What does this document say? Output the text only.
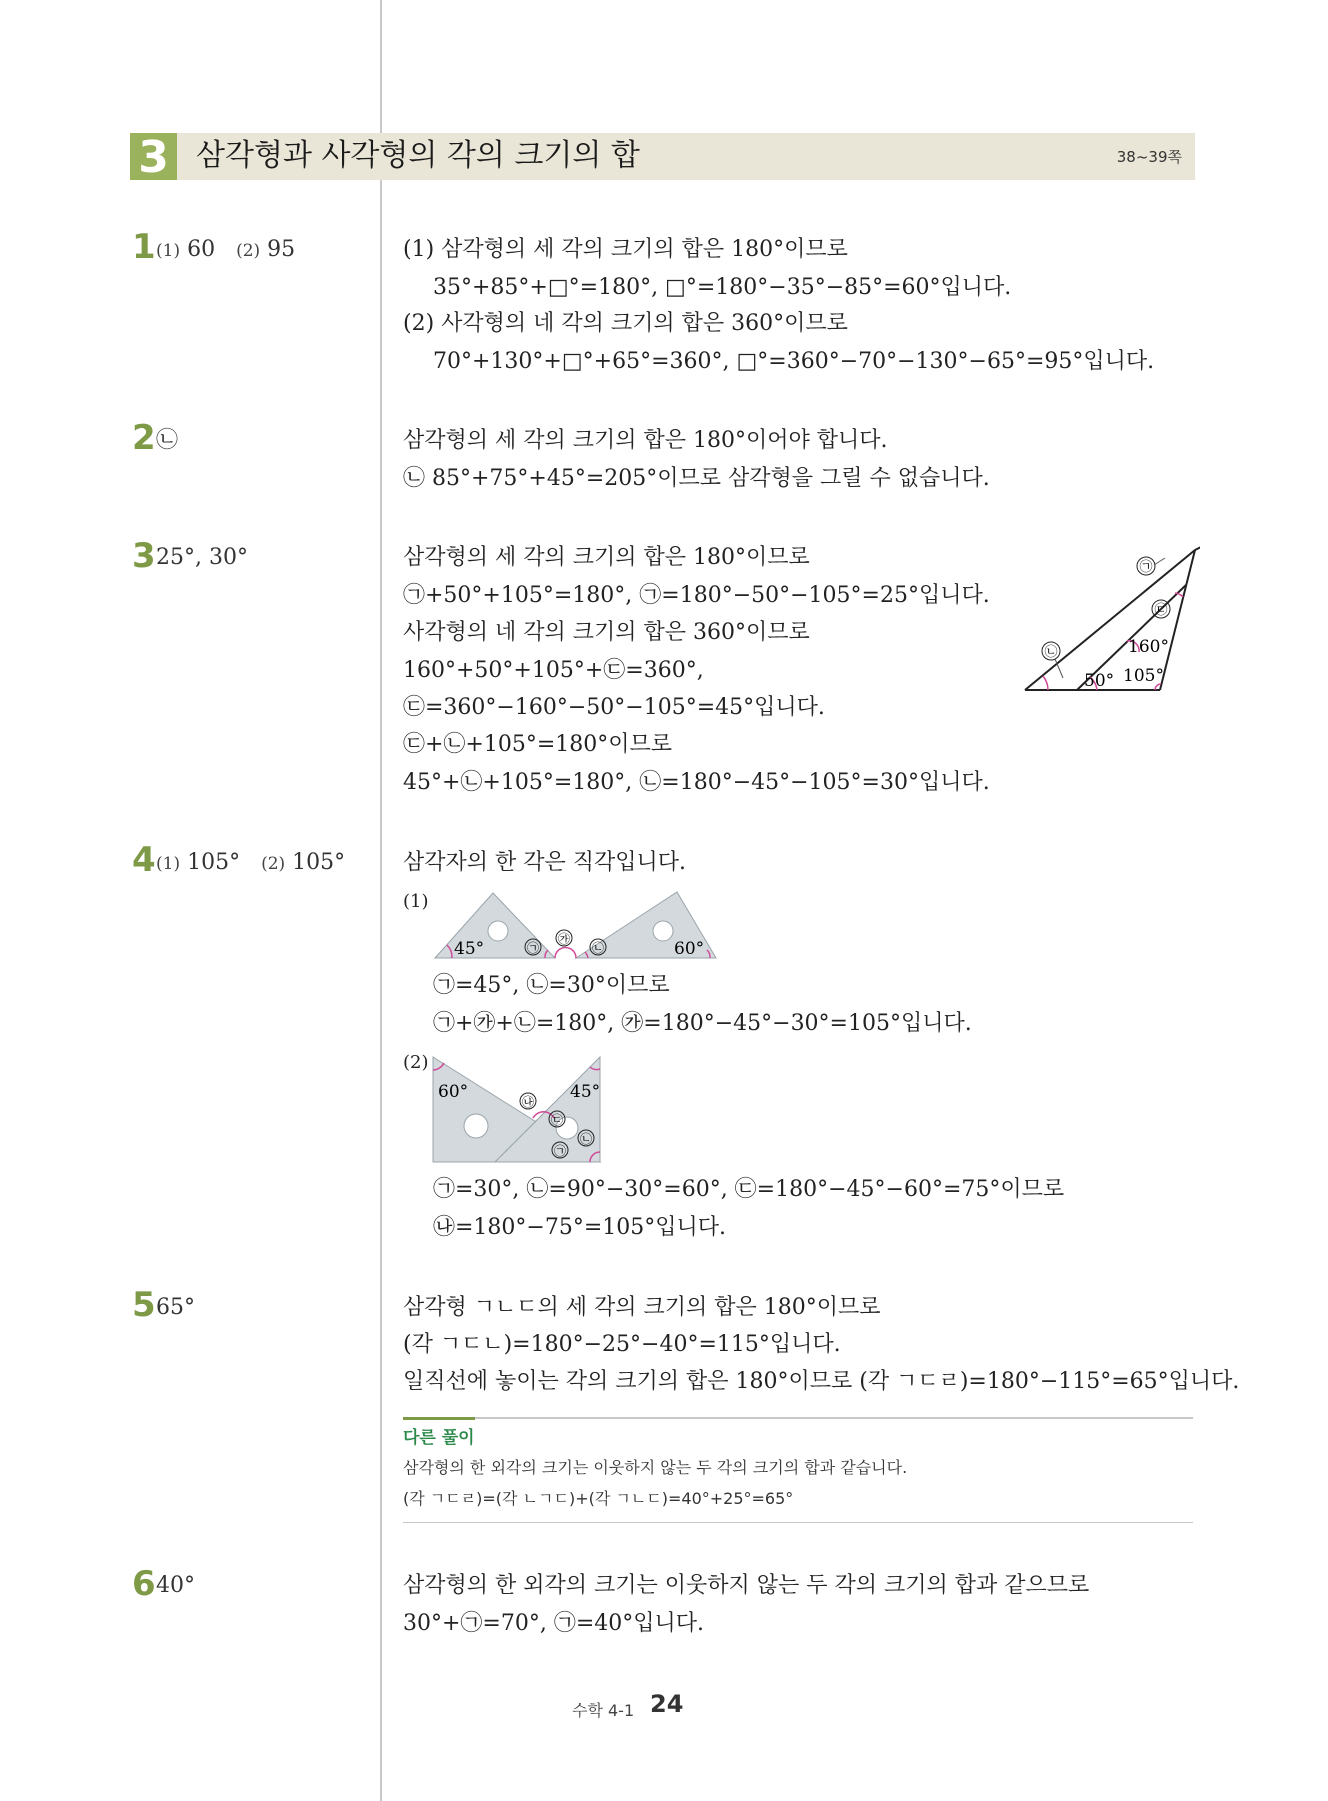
3 삼각형과 사각형의 각의 크기의 합	38~39쪽
1 (1) 60 (2) 95	(1) 삼각형의 세 각의 크기의 합은 180°이므로
35°+85°+□°=180°, □°=180°−35°−85°=60°입니다.
(2) 사각형의 네 각의 크기의 합은 360°이므로
70°+130°+□°+65°=360°, □°=360°−70°−130°−65°=95°입니다.
2 ㉡	삼각형의 세 각의 크기의 합은 180°이어야 합니다.
㉡ 85°+75°+45°=205°이므로 삼각형을 그릴 수 없습니다.
3 25°, 30°	삼각형의 세 각의 크기의 합은 180°이므로
㉠+50°+105°=180°, ㉠=180°−50°−105°=25°입니다.
사각형의 네 각의 크기의 합은 360°이므로
160°+50°+105°+㉢=360°,
㉢=360°−160°−50°−105°=45°입니다.
㉢+㉡+105°=180°이므로
45°+㉡+105°=180°, ㉡=180°−45°−105°=30°입니다.
㉠
㉡
㉢
160°
50° 105°
4 (1) 105° (2) 105°	삼각자의 한 각은 직각입니다.
(1)
45°	60°
㉮
㉠	㉡
㉠=45°, ㉡=30°이므로
㉠+㉮+㉡=180°, ㉮=180°−45°−30°=105°입니다.
(2)
60°	45°
㉯
㉢
㉠
㉡
㉠=30°, ㉡=90°−30°=60°, ㉢=180°−45°−60°=75°이므로
㉯=180°−75°=105°입니다.
5 65°	삼각형 ㄱㄴㄷ의 세 각의 크기의 합은 180°이므로
(각 ㄱㄷㄴ)=180°−25°−40°=115°입니다.
일직선에 놓이는 각의 크기의 합은 180°이므로 (각 ㄱㄷㄹ)=180°−115°=65°입니다.
다른 풀이
삼각형의 한 외각의 크기는 이웃하지 않는 두 각의 크기의 합과 같습니다.
(각 ㄱㄷㄹ)=(각 ㄴㄱㄷ)+(각 ㄱㄴㄷ)=40°+25°=65°
6 40°	삼각형의 한 외각의 크기는 이웃하지 않는 두 각의 크기의 합과 같으므로
30°+㉠=70°, ㉠=40°입니다.
수학 4-1 24
